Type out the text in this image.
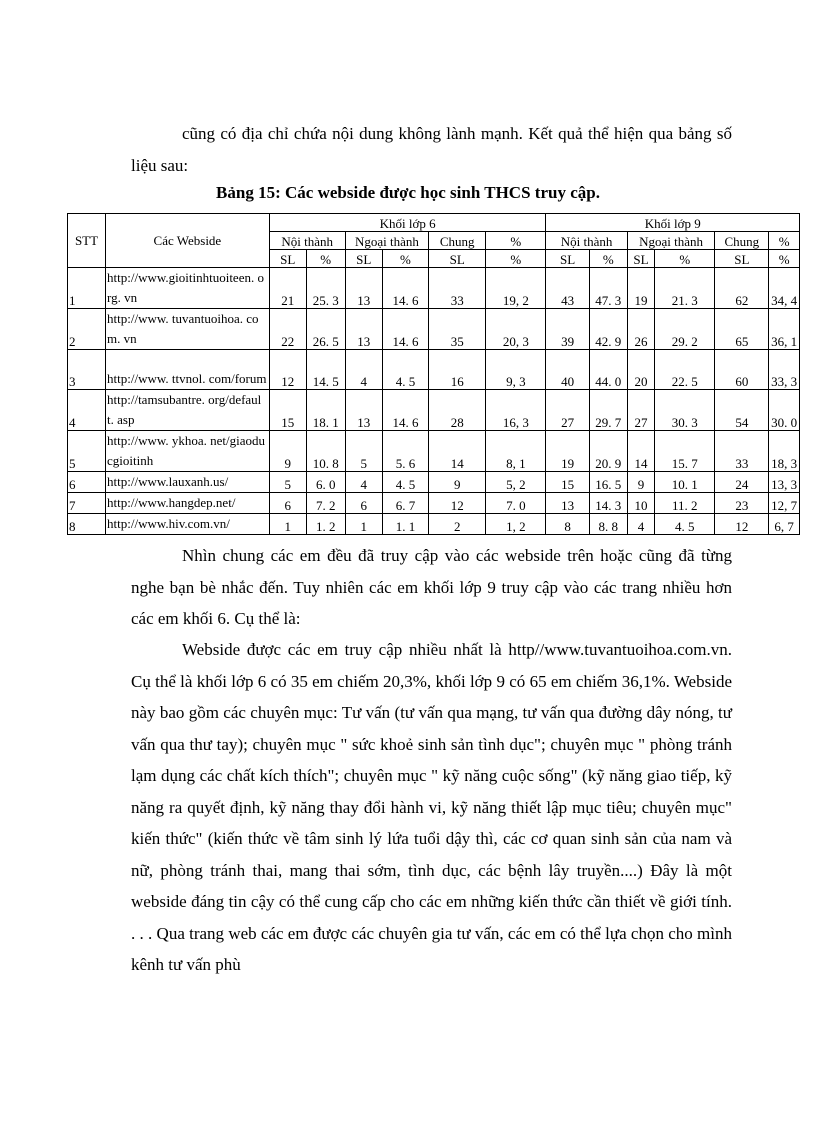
cũng có địa chỉ chứa nội dung không lành mạnh. Kết quả thể hiện qua bảng số liệu sau:

Bảng 15: Các webside được học sinh THCS truy cập.

STT	Các Webside	Khối lớp 6						Khối lớp 9					
		Nội thành		Ngoại thành		Chung	%	Nội thành		Ngoại thành		Chung	%
		SL	%	SL	%	SL	%	SL	%	SL	%	SL	%
1	http://www.gioitinhtuoiteen. org. vn	21	25. 3	13	14. 6	33	19, 2	43	47. 3	19	21. 3	62	34, 4
2	http://www. tuvantuoihoa. com. vn	22	26. 5	13	14. 6	35	20, 3	39	42. 9	26	29. 2	65	36, 1
3	http://www. ttvnol. com/forum	12	14. 5	4	4. 5	16	9, 3	40	44. 0	20	22. 5	60	33, 3
4	http://tamsubantre. org/default. asp	15	18. 1	13	14. 6	28	16, 3	27	29. 7	27	30. 3	54	30. 0
5	http://www. ykhoa. net/giaoducgioitinh	9	10. 8	5	5. 6	14	8, 1	19	20. 9	14	15. 7	33	18, 3
6	http://www.lauxanh.us/	5	6. 0	4	4. 5	9	5, 2	15	16. 5	9	10. 1	24	13, 3
7	http://www.hangdep.net/	6	7. 2	6	6. 7	12	7. 0	13	14. 3	10	11. 2	23	12, 7
8	http://www.hiv.com.vn/	1	1. 2	1	1. 1	2	1, 2	8	8. 8	4	4. 5	12	6, 7

Nhìn chung các em đều đã truy cập vào các webside trên hoặc cũng đã từng nghe bạn bè nhắc đến. Tuy nhiên các em khối lớp 9 truy cập vào các trang nhiều hơn các em khối 6. Cụ thể là:

Webside được các em truy cập nhiều nhất là http//www.tuvantuoihoa.com.vn. Cụ thể là khối lớp 6 có 35 em chiếm 20,3%, khối lớp 9 có 65 em chiếm 36,1%. Webside này bao gồm các chuyên mục: Tư vấn (tư vấn qua mạng, tư vấn qua đường dây nóng, tư vấn qua thư tay); chuyên mục " sức khoẻ sinh sản tình dục"; chuyên mục " phòng tránh lạm dụng các chất kích thích"; chuyên mục " kỹ năng cuộc sống" (kỹ năng giao tiếp, kỹ năng ra quyết định, kỹ năng thay đổi hành vi, kỹ năng thiết lập mục tiêu; chuyên mục" kiến thức" (kiến thức về tâm sinh lý lứa tuổi dậy thì, các cơ quan sinh sản của nam và nữ, phòng tránh thai, mang thai sớm, tình dục, các bệnh lây truyền....) Đây là một webside đáng tin cậy có thể cung cấp cho các em những kiến thức cần thiết về giới tính. . . . Qua trang web các em được các chuyên gia tư vấn, các em có thể lựa chọn cho mình kênh tư vấn phù
